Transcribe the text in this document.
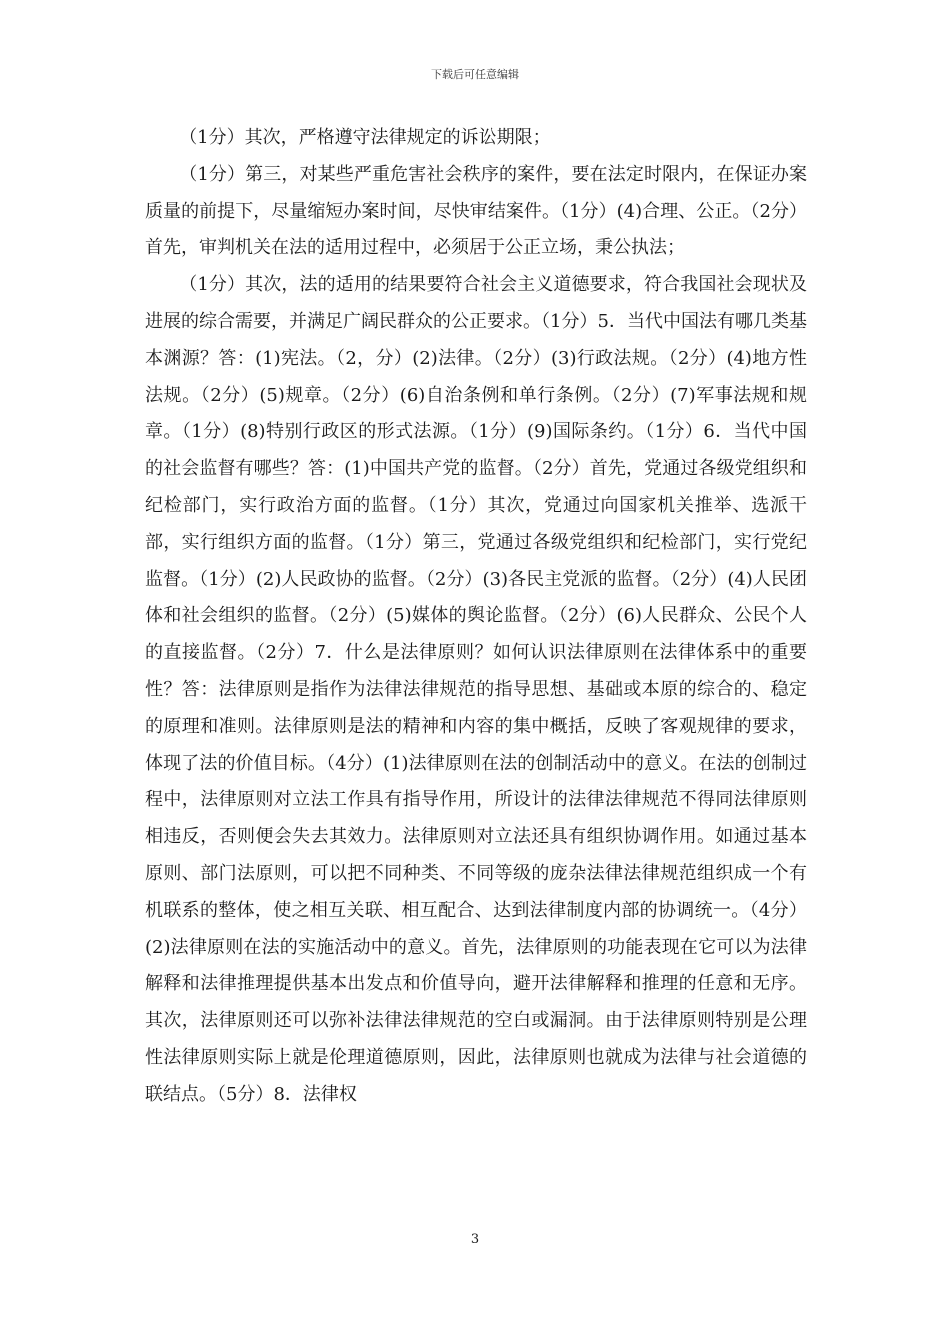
下载后可任意编辑

（1分）其次，严格遵守法律规定的诉讼期限；

（1分）第三，对某些严重危害社会秩序的案件，要在法定时限内，在保证办案质量的前提下，尽量缩短办案时间，尽快审结案件。（1分）(4)合理、公正。（2分）首先，审判机关在法的适用过程中，必须居于公正立场，秉公执法；

（1分）其次，法的适用的结果要符合社会主义道德要求，符合我国社会现状及进展的综合需要，并满足广阔民群众的公正要求。（1分）5．当代中国法有哪几类基本渊源？答：(1)宪法。（2，分）(2)法律。（2分）(3)行政法规。（2分）(4)地方性法规。（2分）(5)规章。（2分）(6)自治条例和单行条例。（2分）(7)军事法规和规章。（1分）(8)特别行政区的形式法源。（1分）(9)国际条约。（1分）6．当代中国的社会监督有哪些？答：(1)中国共产党的监督。（2分）首先，党通过各级党组织和纪检部门，实行政治方面的监督。（1分）其次，党通过向国家机关推举、选派干部，实行组织方面的监督。（1分）第三，党通过各级党组织和纪检部门，实行党纪监督。（1分）(2)人民政协的监督。（2分）(3)各民主党派的监督。（2分）(4)人民团体和社会组织的监督。（2分）(5)媒体的舆论监督。（2分）(6)人民群众、公民个人的直接监督。（2分）7．什么是法律原则？如何认识法律原则在法律体系中的重要性？答：法律原则是指作为法律法律规范的指导思想、基础或本原的综合的、稳定的原理和准则。法律原则是法的精神和内容的集中概括，反映了客观规律的要求，体现了法的价值目标。（4分）(1)法律原则在法的创制活动中的意义。在法的创制过程中，法律原则对立法工作具有指导作用，所设计的法律法律规范不得同法律原则相违反，否则便会失去其效力。法律原则对立法还具有组织协调作用。如通过基本原则、部门法原则，可以把不同种类、不同等级的庞杂法律法律规范组织成一个有机联系的整体，使之相互关联、相互配合、达到法律制度内部的协调统一。（4分）(2)法律原则在法的实施活动中的意义。首先，法律原则的功能表现在它可以为法律解释和法律推理提供基本出发点和价值导向，避开法律解释和推理的任意和无序。其次，法律原则还可以弥补法律法律规范的空白或漏洞。由于法律原则特别是公理性法律原则实际上就是伦理道德原则，因此，法律原则也就成为法律与社会道德的联结点。（5分）8．法律权

3
